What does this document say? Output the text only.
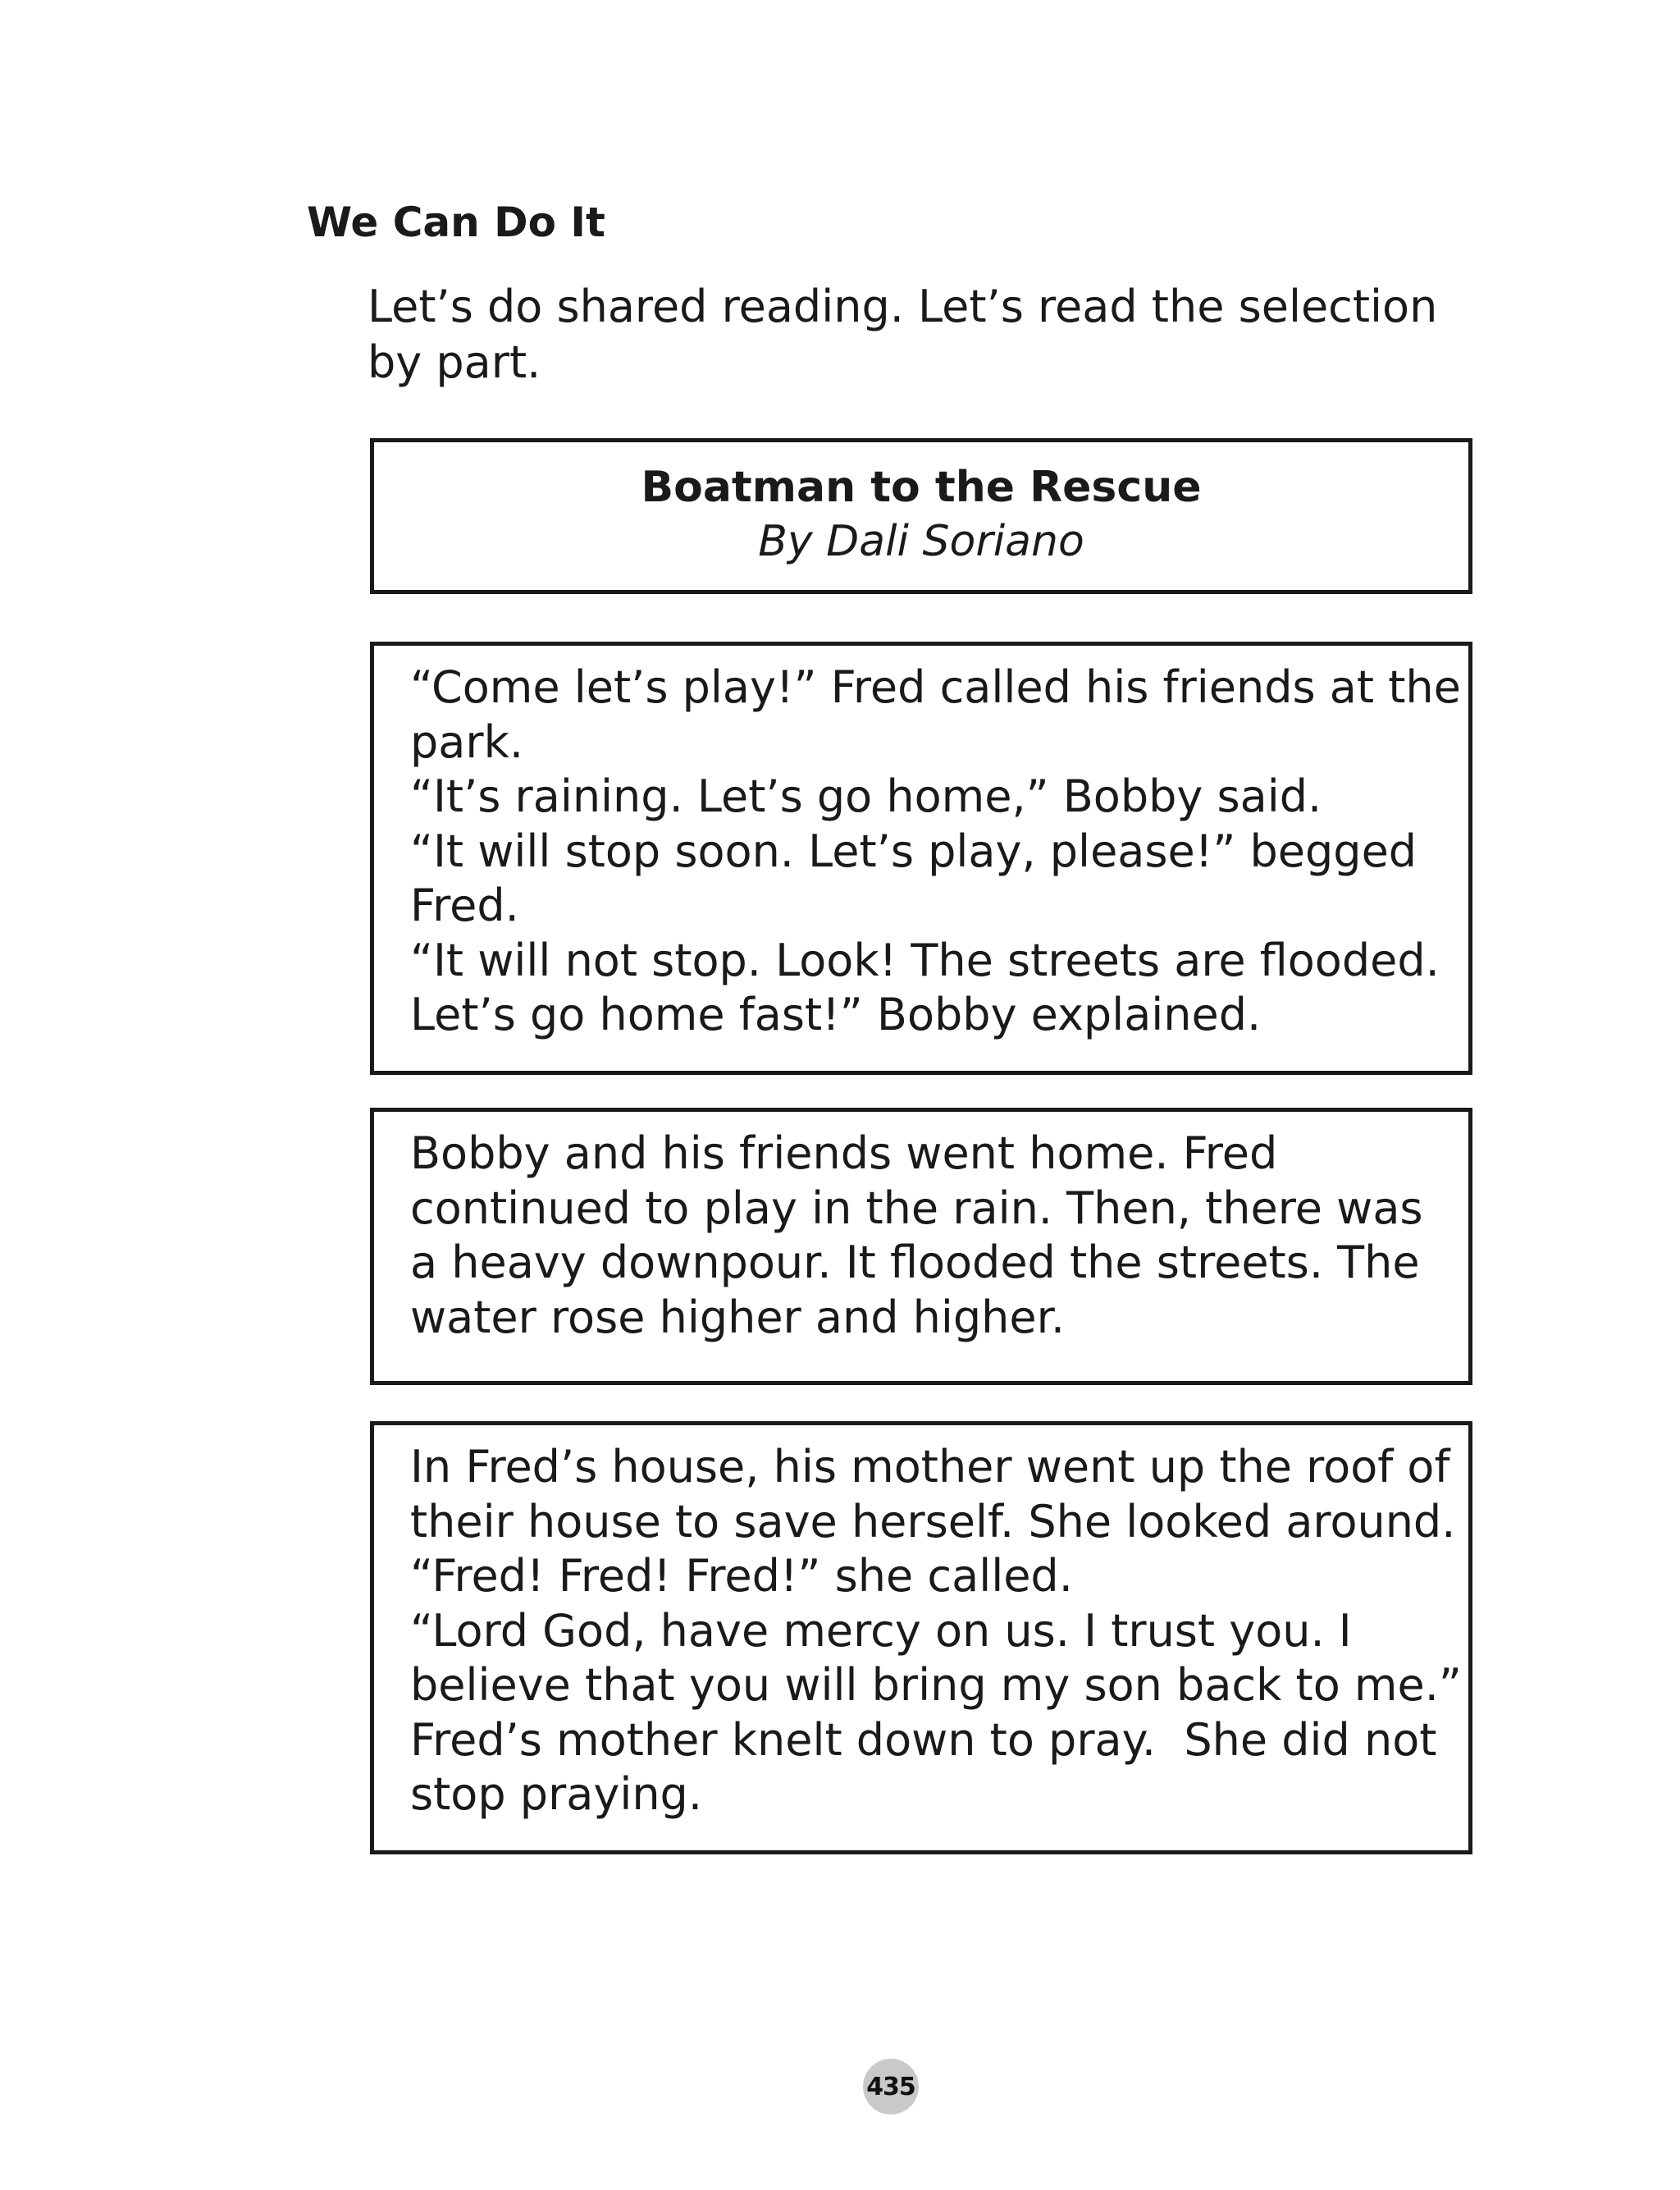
We Can Do It

Let’s do shared reading. Let’s read the selection by part.

Boatman to the Rescue
By Dali Soriano
“Come let’s play!” Fred called his friends at the
park.
“It’s raining. Let’s go home,” Bobby said.
“It will stop soon. Let’s play, please!” begged
Fred.
“It will not stop. Look! The streets are flooded.
Let’s go home fast!” Bobby explained.
Bobby and his friends went home. Fred
continued to play in the rain. Then, there was
a heavy downpour. It flooded the streets. The
water rose higher and higher.
In Fred’s house, his mother went up the roof of
their house to save herself. She looked around.
“Fred! Fred! Fred!” she called.
“Lord God, have mercy on us. I trust you. I
believe that you will bring my son back to me.”
Fred’s mother knelt down to pray.  She did not
stop praying.
435
